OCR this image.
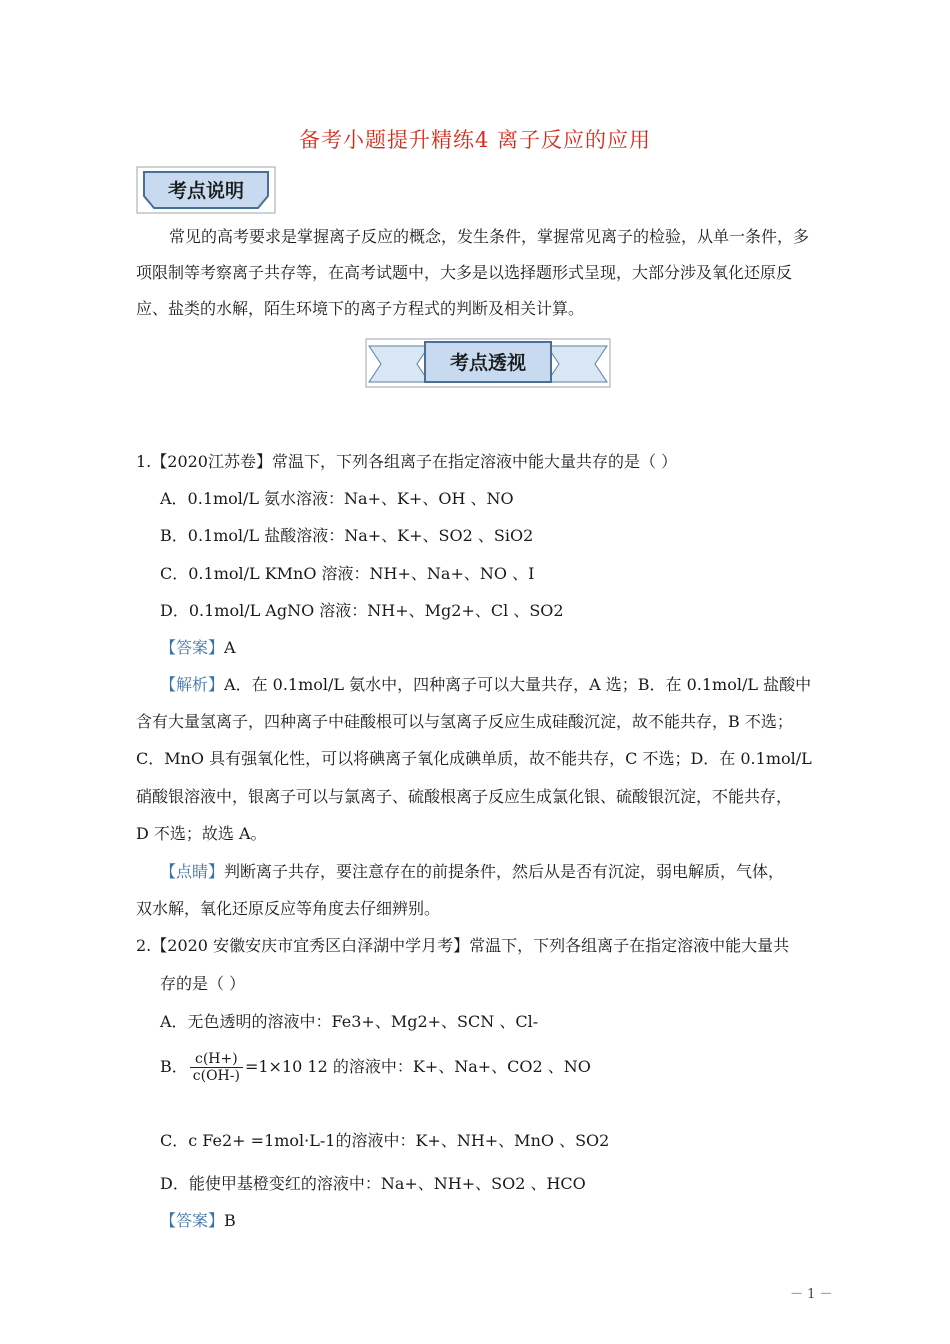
备考小题提升精练4 离子反应的应用
考点说明
常见的高考要求是掌握离子反应的概念，发生条件，掌握常见离子的检验，从单一条件，多项限制等考察离子共存等，在高考试题中，大多是以选择题形式呈现，大部分涉及氧化还原反应、盐类的水解，陌生环境下的离子方程式的判断及相关计算。
考点透视
1.【2020江苏卷】常温下，下列各组离子在指定溶液中能大量共存的是（ ）
A．0.1mol/L 氨水溶液：Na+、K+、OH 、NO
B．0.1mol/L 盐酸溶液：Na+、K+、SO2 、SiO2
C．0.1mol/L KMnO 溶液：NH+、Na+、NO 、I
D．0.1mol/L AgNO 溶液：NH+、Mg2+、Cl 、SO2
【答案】A
【解析】A．在 0.1mol/L 氨水中，四种离子可以大量共存，A 选；B．在 0.1mol/L 盐酸中
含有大量氢离子，四种离子中硅酸根可以与氢离子反应生成硅酸沉淀，故不能共存，B 不选；
C．MnO 具有强氧化性，可以将碘离子氧化成碘单质，故不能共存，C 不选；D．在 0.1mol/L
硝酸银溶液中，银离子可以与氯离子、硫酸根离子反应生成氯化银、硫酸银沉淀，不能共存，
D 不选；故选 A。
【点睛】判断离子共存，要注意存在的前提条件，然后从是否有沉淀，弱电解质，气体，
双水解，氧化还原反应等角度去仔细辨别。
2.【2020 安徽安庆市宜秀区白泽湖中学月考】常温下，下列各组离子在指定溶液中能大量共
存的是（ ）
A．无色透明的溶液中：Fe3+、Mg2+、SCN 、Cl-
B． $\frac{c(H+)}{c(OH-)} =1\times 10$ 12 的溶液中：K+、Na+、CO2 、NO
C．c Fe2+ =1mol·L-1的溶液中：K+、NH+、MnO 、SO2
D．能使甲基橙变红的溶液中：Na+、NH+、SO2 、HCO
【答案】B
－ 1 －
